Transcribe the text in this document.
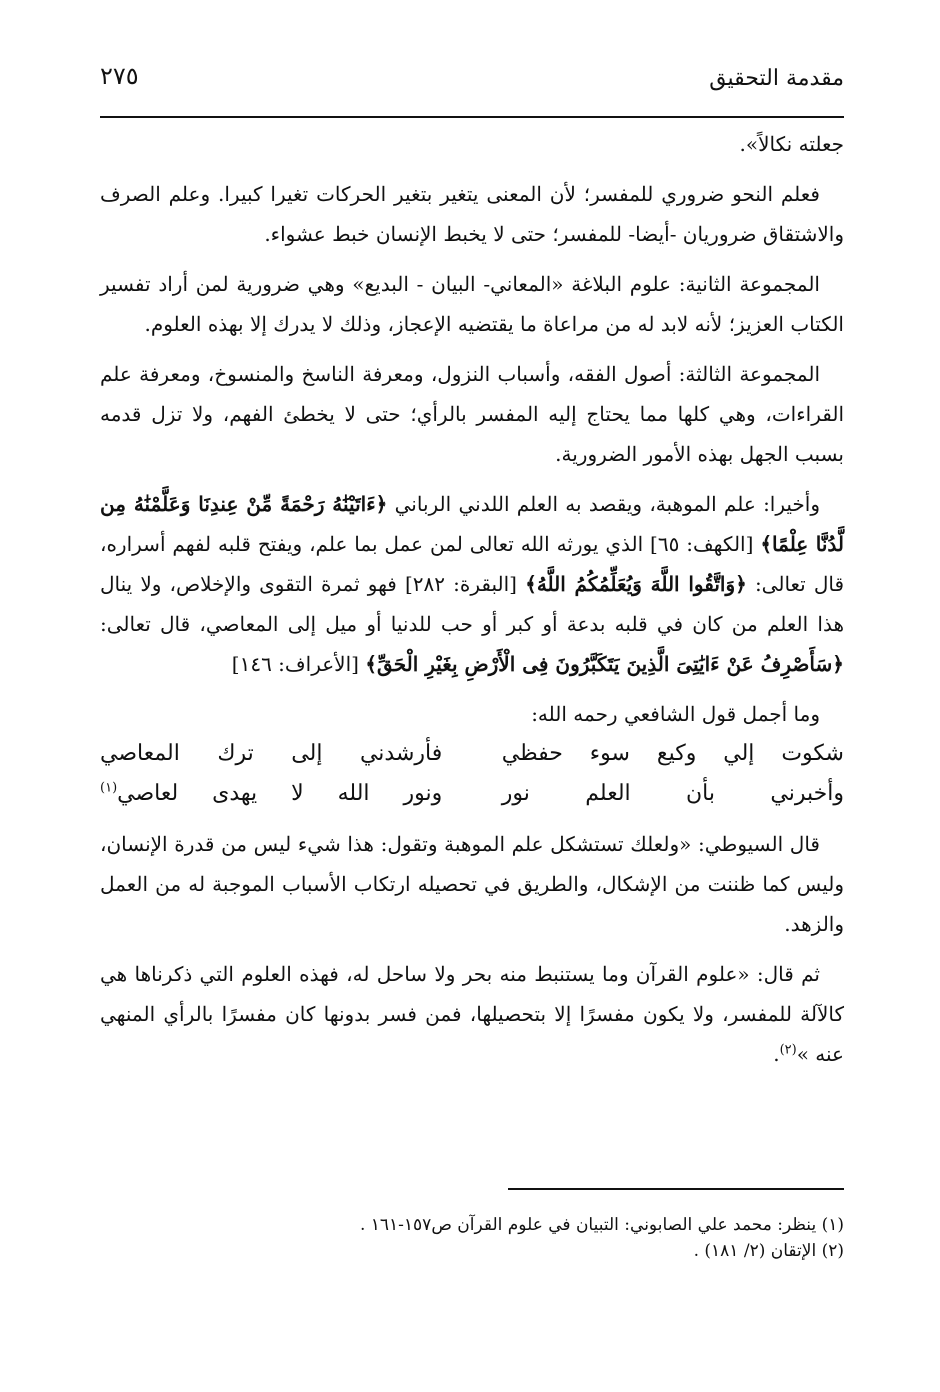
مقدمة التحقيق
٢٧٥

جعلته نكالاً».

فعلم النحو ضروري للمفسر؛ لأن المعنى يتغير بتغير الحركات تغيرا كبيرا. وعلم الصرف والاشتقاق ضروريان -أيضا- للمفسر؛ حتى لا يخبط الإنسان خبط عشواء.

المجموعة الثانية: علوم البلاغة «المعاني- البيان - البديع» وهي ضرورية لمن أراد تفسير الكتاب العزيز؛ لأنه لابد له من مراعاة ما يقتضيه الإعجاز، وذلك لا يدرك إلا بهذه العلوم.

المجموعة الثالثة: أصول الفقه، وأسباب النزول، ومعرفة الناسخ والمنسوخ، ومعرفة علم القراءات، وهي كلها مما يحتاج إليه المفسر بالرأي؛ حتى لا يخطئ الفهم، ولا تزل قدمه بسبب الجهل بهذه الأمور الضرورية.

وأخيرا: علم الموهبة، ويقصد به العلم اللدني الرباني ﴿ءَاتَيْنَٰهُ رَحْمَةً مِّنْ عِندِنَا وَعَلَّمْنَٰهُ مِن لَّدُنَّا عِلْمًا﴾ [الكهف: ٦٥] الذي يورثه الله تعالى لمن عمل بما علم، ويفتح قلبه لفهم أسراره، قال تعالى: ﴿وَاتَّقُوا اللَّهَ وَيُعَلِّمُكُمُ اللَّهُ﴾ [البقرة: ٢٨٢] فهو ثمرة التقوى والإخلاص، ولا ينال هذا العلم من كان في قلبه بدعة أو كبر أو حب للدنيا أو ميل إلى المعاصي، قال تعالى: ﴿سَأَصْرِفُ عَنْ ءَايَٰتِىَ الَّذِينَ يَتَكَبَّرُونَ فِى الْأَرْضِ بِغَيْرِ الْحَقِّ﴾ [الأعراف: ١٤٦]

وما أجمل قول الشافعي رحمه الله:

شكوت إلي وكيع سوء حفظي
فأرشدني إلى ترك المعاصي
وأخبرني بأن العلم نور
ونور الله لا يهدى لعاصي$^{(١)}$

قال السيوطي: «ولعلك تستشكل علم الموهبة وتقول: هذا شيء ليس من قدرة الإنسان، وليس كما ظننت من الإشكال، والطريق في تحصيله ارتكاب الأسباب الموجبة له من العمل والزهد.

ثم قال: «علوم القرآن وما يستنبط منه بحر ولا ساحل له، فهذه العلوم التي ذكرناها هي كالآلة للمفسر، ولا يكون مفسرًا إلا بتحصيلها، فمن فسر بدونها كان مفسرًا بالرأي المنهي عنه »$^{(٢)}$.

(١) ينظر: محمد علي الصابوني: التبيان في علوم القرآن ص١٥٧-١٦١ .

(٢) الإتقان (٢/ ١٨١) .
